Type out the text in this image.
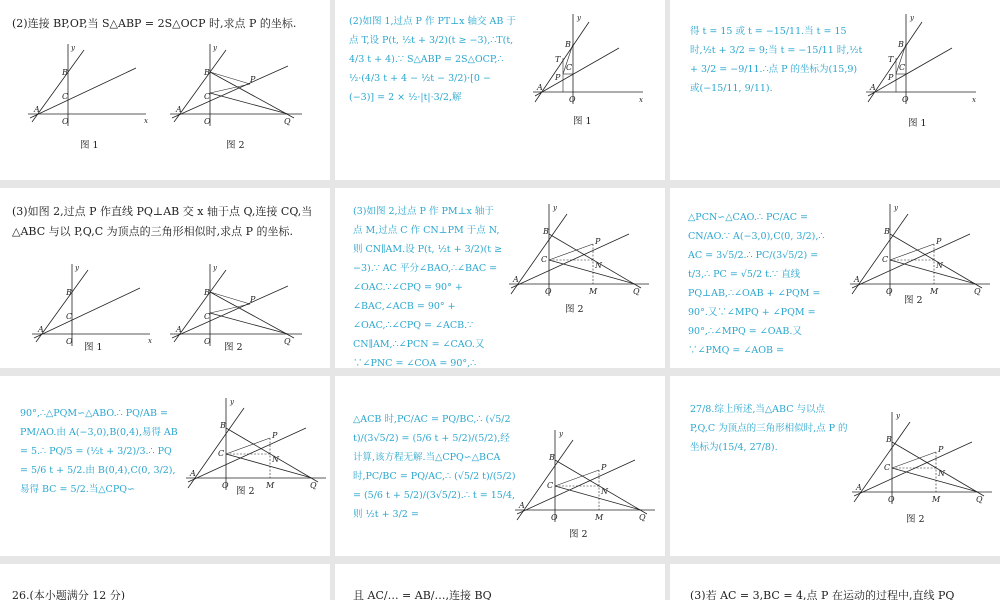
(2)连接 BP,OP,当 S△ABP = 2S△OCP 时,求点 P 的坐标.

图 1	图 2

(2)如图 1,过点 P 作 PT⊥x 轴交 AB 于点 T,设 P(t, ½t + 3/2)(t ≥ −3),∴T(t, 4/3 t + 4).∵ S△ABP = 2S△OCP,∴ ½·(4/3 t + 4 − ½t − 3/2)·[0 − (−3)] = 2 × ½·|t|·3/2,解

图 1

得 t = 15 或 t = −15/11.当 t = 15 时,½t + 3/2 = 9;当 t = −15/11 时,½t + 3/2 = −9/11.∴点 P 的坐标为(15,9)或(−15/11, 9/11).

图 1

(3)如图 2,过点 P 作直线 PQ⊥AB 交 x 轴于点 Q,连接 CQ,当△ABC 与以 P,Q,C 为顶点的三角形相似时,求点 P 的坐标.

图 1	图 2

(3)如图 2,过点 P 作 PM⊥x 轴于点 M,过点 C 作 CN⊥PM 于点 N,则 CN∥AM.设 P(t, ½t + 3/2)(t ≥ −3).∵ AC 平分∠BAO,∴∠BAC = ∠OAC.∵∠CPQ = 90° + ∠BAC,∠ACB = 90° + ∠OAC,∴∠CPQ = ∠ACB.∵ CN∥AM,∴∠PCN = ∠CAO.又∵∠PNC = ∠COA = 90°,∴

图 2

△PCN∽△CAO.∴ PC/AC = CN/AO.∵ A(−3,0),C(0, 3/2),∴ AC = 3√5/2.∴ PC/(3√5/2) = t/3,∴ PC = √5/2 t.∵ 直线 PQ⊥AB,∴∠OAB + ∠PQM = 90°.又∵∠MPQ + ∠PQM = 90°,∴∠MPQ = ∠OAB.又∵∠PMQ = ∠AOB =

图 2

90°,∴△PQM∽△ABO.∴ PQ/AB = PM/AO.由 A(−3,0),B(0,4),易得 AB = 5.∴ PQ/5 = (½t + 3/2)/3.∴ PQ = 5/6 t + 5/2.由 B(0,4),C(0, 3/2),易得 BC = 5/2.当△CPQ∽	图 2

△ACB 时,PC/AC = PQ/BC,∴ (√5/2 t)/(3√5/2) = (5/6 t + 5/2)/(5/2),经计算,该方程无解.当△CPQ∽△BCA 时,PC/BC = PQ/AC,∴ (√5/2 t)/(5/2) = (5/6 t + 5/2)/(3√5/2).∴ t = 15/4,则 ½t + 3/2 =

图 2

27/8.综上所述,当△ABC 与以点 P,Q,C 为顶点的三角形相似时,点 P 的坐标为(15/4, 27/8).

图 2

26.(本小题满分 12 分)	且 AC/… = AB/…,连接 BQ	(3)若 AC = 3,BC = 4,点 P 在运动的过程中,直线 PQ
